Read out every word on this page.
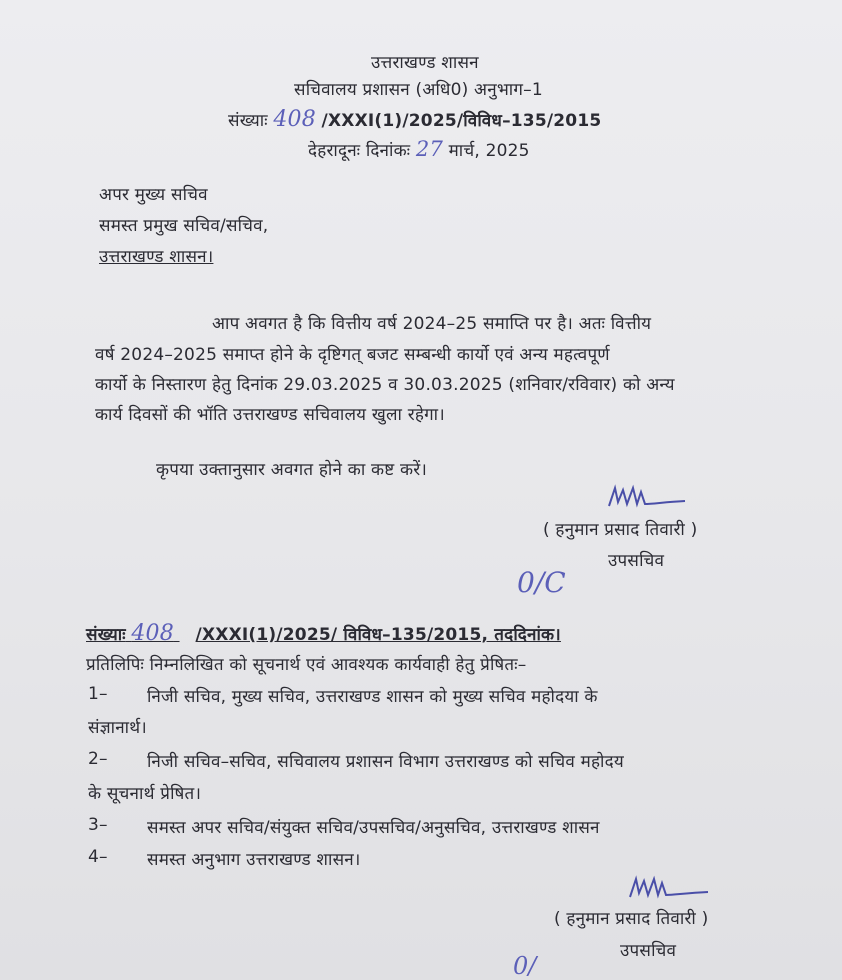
उत्तराखण्ड शासन
सचिवालय प्रशासन (अधि0) अनुभाग–1
संख्याः 408 /XXXI(1)/2025/विविध–135/2015
देहरादूनः दिनांकः 27 मार्च, 2025
अपर मुख्य सचिव
समस्त प्रमुख सचिव/सचिव,
उत्तराखण्ड शासन।
आप अवगत है कि वित्तीय वर्ष 2024–25 समाप्ति पर है। अतः वित्तीय
वर्ष 2024–2025 समाप्त होने के दृष्टिगत् बजट सम्बन्धी कार्यो एवं अन्य महत्वपूर्ण
कार्यो के निस्तारण हेतु दिनांक 29.03.2025 व 30.03.2025 (शनिवार/रविवार) को अन्य
कार्य दिवसों की भॉति उत्तराखण्ड सचिवालय खुला रहेगा।
कृपया उक्तानुसार अवगत होने का कष्ट करें।
( हनुमान प्रसाद तिवारी )
उपसचिव
0/C
संख्याः 408 /XXXI(1)/2025/ विविध–135/2015, तददिनांक।
प्रतिलिपिः निम्नलिखित को सूचनार्थ एवं आवश्यक कार्यवाही हेतु प्रेषितः–
1– निजी सचिव, मुख्य सचिव, उत्तराखण्ड शासन को मुख्य सचिव महोदया के
संज्ञानार्थ।
2– निजी सचिव–सचिव, सचिवालय प्रशासन विभाग उत्तराखण्ड को सचिव महोदय
के सूचनार्थ प्रेषित।
3– समस्त अपर सचिव/संयुक्त सचिव/उपसचिव/अनुसचिव, उत्तराखण्ड शासन
4– समस्त अनुभाग उत्तराखण्ड शासन।
( हनुमान प्रसाद तिवारी )
उपसचिव
0/
